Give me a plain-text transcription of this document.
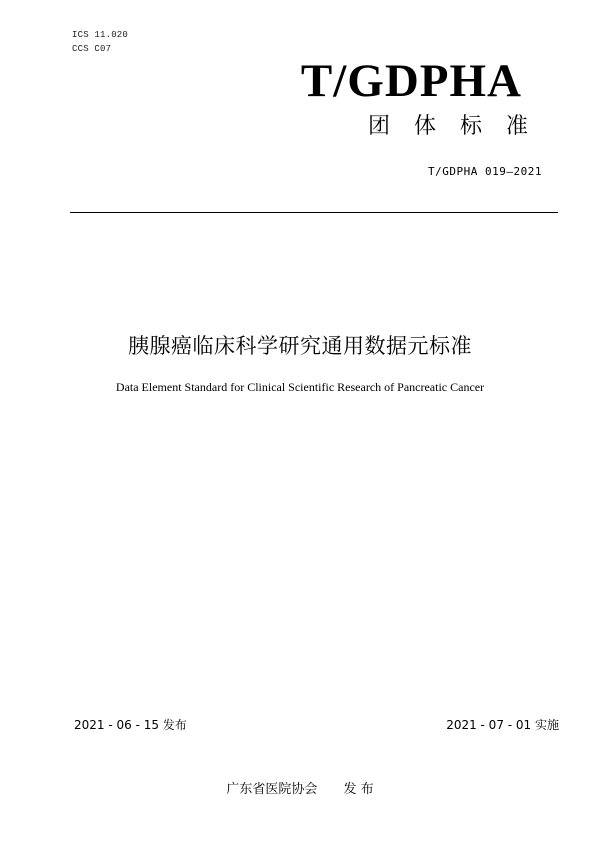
ICS 11.020
CCS C07
T/GDPHA
团体标准
T/GDPHA 019—2021
胰腺癌临床科学研究通用数据元标准
Data Element Standard for Clinical Scientific Research of Pancreatic Cancer
2021 - 06 - 15 发布	2021 - 07 - 01 实施
广东省医院协会 发 布
